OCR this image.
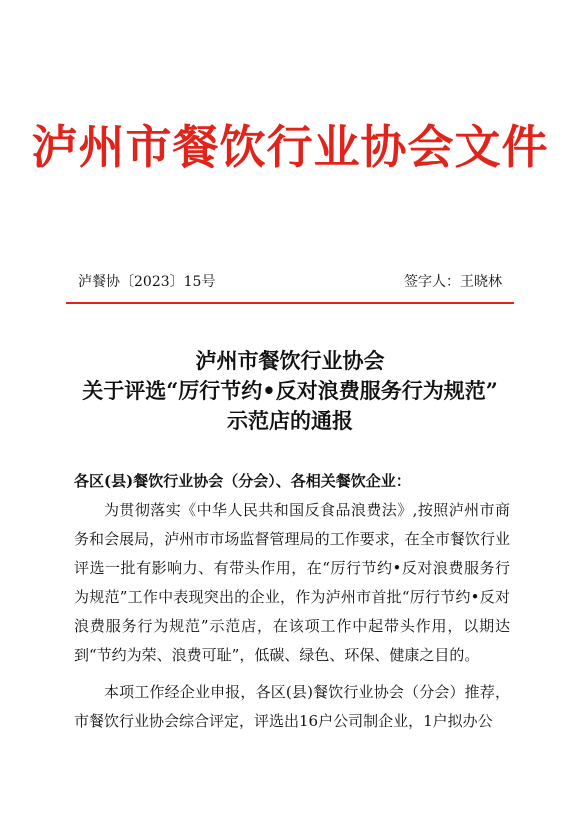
泸州市餐饮行业协会文件
泸餐协〔2023〕15号	签字人：王晓林
泸州市餐饮行业协会
关于评选“厉行节约•反对浪费服务行为规范”
示范店的通报
各区(县)餐饮行业协会（分会）、各相关餐饮企业：

为贯彻落实《中华人民共和国反食品浪费法》,按照泸州市商务和会展局，泸州市市场监督管理局的工作要求，在全市餐饮行业评选一批有影响力、有带头作用，在“厉行节约•反对浪费服务行为规范”工作中表现突出的企业，作为泸州市首批“厉行节约•反对浪费服务行为规范”示范店，在该项工作中起带头作用，以期达到“节约为荣、浪费可耻”，低碳、绿色、环保、健康之目的。

本项工作经企业申报，各区(县)餐饮行业协会（分会）推荐，市餐饮行业协会综合评定，评选出16户公司制企业，1户拟办公
